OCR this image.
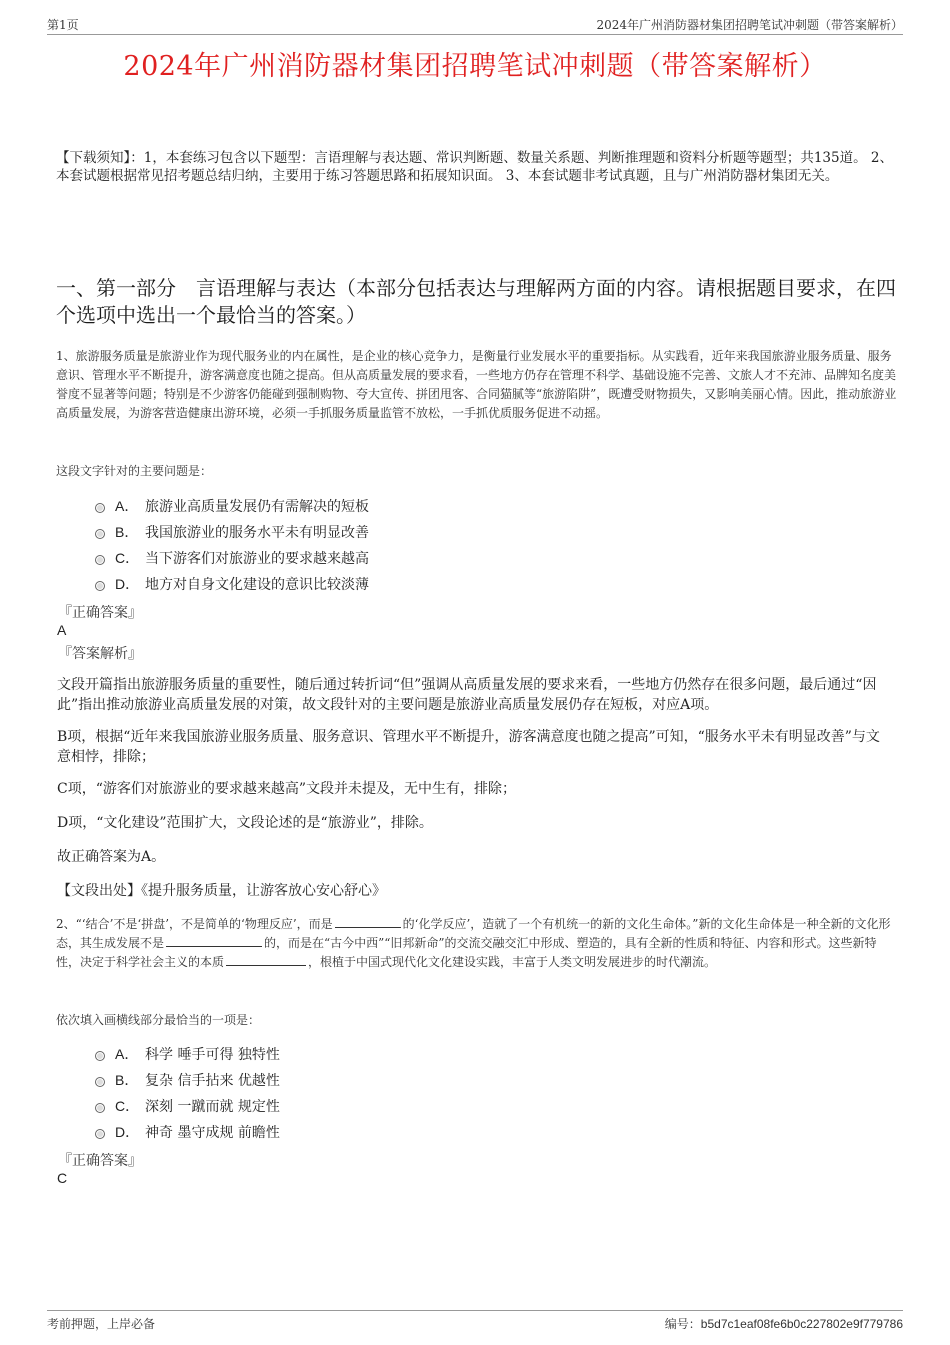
第1页	2024年广州消防器材集团招聘笔试冲刺题（带答案解析）
2024年广州消防器材集团招聘笔试冲刺题（带答案解析）
【下载须知】：1，本套练习包含以下题型：言语理解与表达题、常识判断题、数量关系题、判断推理题和资料分析题等题型；共135道。 2、本套试题根据常见招考题总结归纳，主要用于练习答题思路和拓展知识面。 3、本套试题非考试真题，且与广州消防器材集团无关。
一、第一部分　言语理解与表达（本部分包括表达与理解两方面的内容。请根据题目要求，在四个选项中选出一个最恰当的答案。）
1、旅游服务质量是旅游业作为现代服务业的内在属性，是企业的核心竞争力，是衡量行业发展水平的重要指标。从实践看，近年来我国旅游业服务质量、服务意识、管理水平不断提升，游客满意度也随之提高。但从高质量发展的要求看，一些地方仍存在管理不科学、基础设施不完善、文旅人才不充沛、品牌知名度美誉度不显著等问题；特别是不少游客仍能碰到强制购物、夸大宣传、拼团甩客、合同猫腻等“旅游陷阱”，既遭受财物损失，又影响美丽心情。因此，推动旅游业高质量发展，为游客营造健康出游环境，必须一手抓服务质量监管不放松，一手抓优质服务促进不动摇。
这段文字针对的主要问题是：
A． 旅游业高质量发展仍有需解决的短板
B． 我国旅游业的服务水平未有明显改善
C． 当下游客们对旅游业的要求越来越高
D． 地方对自身文化建设的意识比较淡薄
『正确答案』
A
『答案解析』
文段开篇指出旅游服务质量的重要性，随后通过转折词“但”强调从高质量发展的要求来看，一些地方仍然存在很多问题，最后通过“因此”指出推动旅游业高质量发展的对策，故文段针对的主要问题是旅游业高质量发展仍存在短板，对应A项。
B项，根据“近年来我国旅游业服务质量、服务意识、管理水平不断提升，游客满意度也随之提高”可知，“服务水平未有明显改善”与文意相悖，排除；
C项，“游客们对旅游业的要求越来越高”文段并未提及，无中生有，排除；
D项，“文化建设”范围扩大，文段论述的是“旅游业”，排除。
故正确答案为A。
【文段出处】《提升服务质量，让游客放心安心舒心》
2、“‘结合’不是‘拼盘’，不是简单的‘物理反应’，而是	的‘化学反应’，造就了一个有机统一的新的文化生命体。”新的文化生命体是一种全新的文化形态，其生成发展不是	的，而是在“古今中西”“旧邦新命”的交流交融交汇中形成、塑造的，具有全新的性质和特征、内容和形式。这些新特性，决定于科学社会主义的本质	，根植于中国式现代化文化建设实践，丰富于人类文明发展进步的时代潮流。
依次填入画横线部分最恰当的一项是：
A． 科学 唾手可得 独特性
B． 复杂 信手拈来 优越性
C． 深刻 一蹴而就 规定性
D． 神奇 墨守成规 前瞻性
『正确答案』
C
考前押题，上岸必备	编号：b5d7c1eaf08fe6b0c227802e9f779786
